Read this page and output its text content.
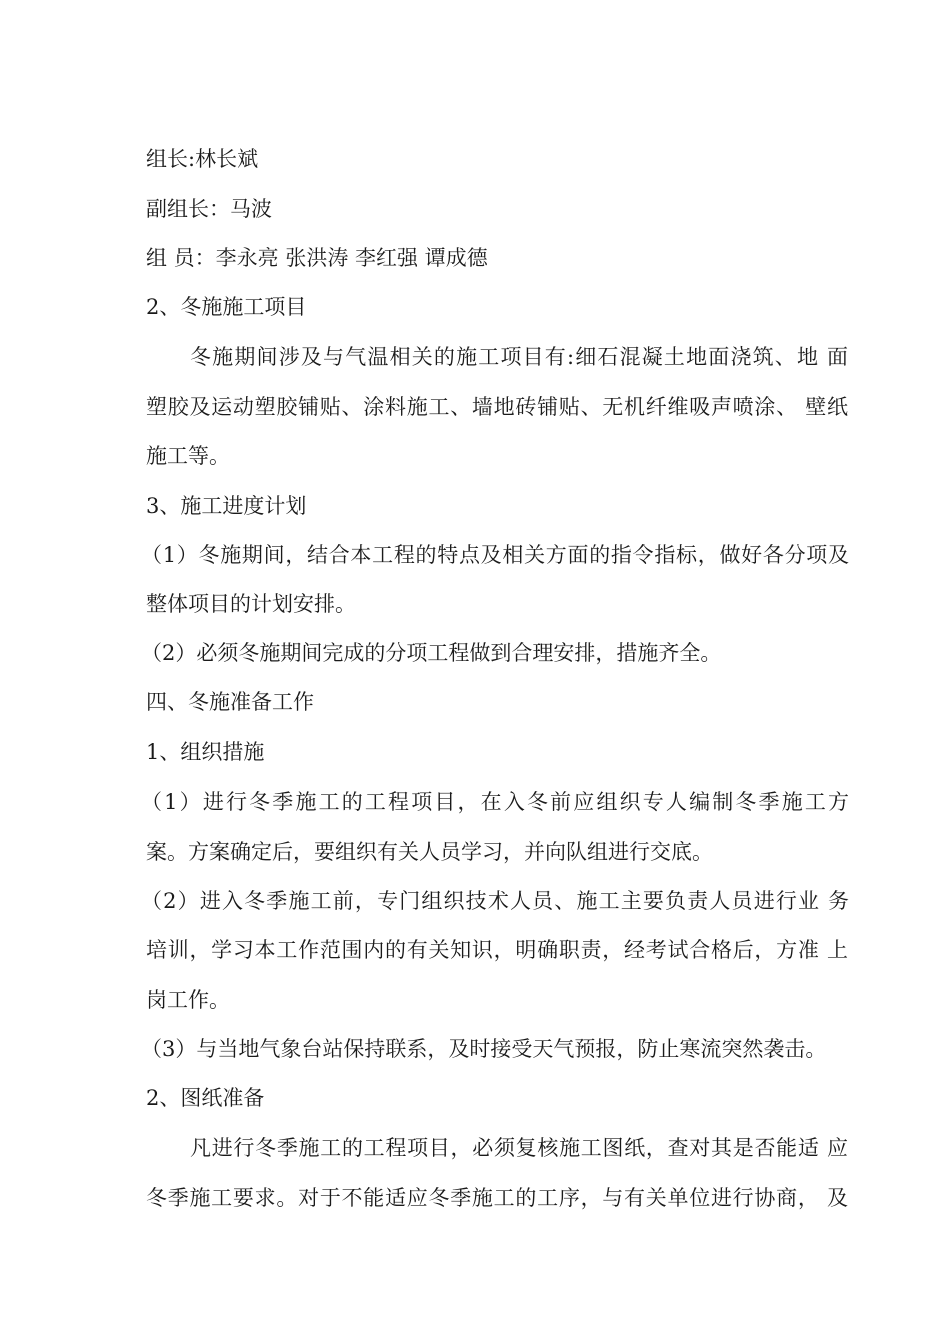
组长:林长斌
副组长：马波
组 员：李永亮 张洪涛 李红强 谭成德
2、冬施施工项目
冬施期间涉及与气温相关的施工项目有:细石混凝土地面浇筑、地 面
塑胶及运动塑胶铺贴、涂料施工、墙地砖铺贴、无机纤维吸声喷涂、 壁纸
施工等。
3、施工进度计划
（1）冬施期间，结合本工程的特点及相关方面的指令指标，做好各分项及
整体项目的计划安排。
（2）必须冬施期间完成的分项工程做到合理安排，措施齐全。
四、冬施准备工作
1、组织措施
（1）进行冬季施工的工程项目，在入冬前应组织专人编制冬季施工方
案。方案确定后，要组织有关人员学习，并向队组进行交底。
（2）进入冬季施工前，专门组织技术人员、施工主要负责人员进行业 务
培训，学习本工作范围内的有关知识，明确职责，经考试合格后，方准 上
岗工作。
（3）与当地气象台站保持联系，及时接受天气预报，防止寒流突然袭击。
2、图纸准备
凡进行冬季施工的工程项目，必须复核施工图纸，查对其是否能适 应
冬季施工要求。对于不能适应冬季施工的工序，与有关单位进行协商， 及
